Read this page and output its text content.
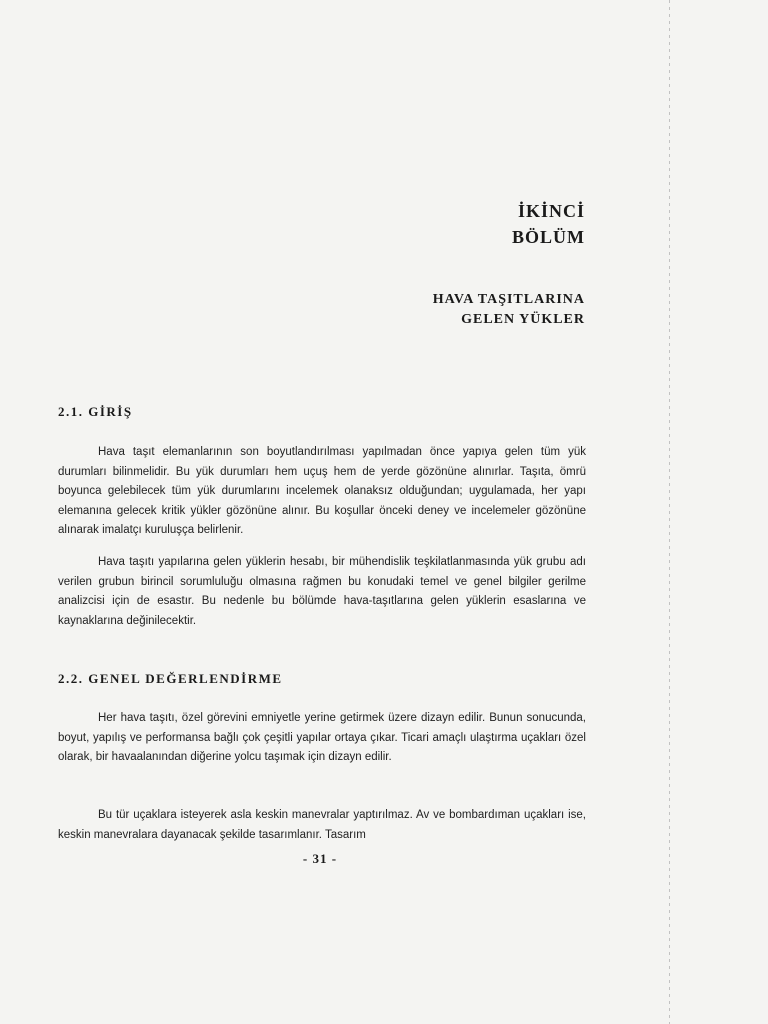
İKİNCİ
BÖLÜM
HAVA TAŞITLARINA
GELEN YÜKLER
2.1. GİRİŞ
Hava taşıt elemanlarının son boyutlandırılması yapılmadan önce yapıya gelen tüm yük durumları bilinmelidir. Bu yük durumları hem uçuş hem de yerde gözönüne alınırlar. Taşıta, ömrü boyunca gelebilecek tüm yük durumlarını incelemek olanaksız olduğundan; uygulamada, her yapı elemanına gelecek kritik yükler gözönüne alınır. Bu koşullar önceki deney ve incelemeler gözönüne alınarak imalatçı kuruluşça belirlenir.
Hava taşıtı yapılarına gelen yüklerin hesabı, bir mühendislik teşkilatlanmasında yük grubu adı verilen grubun birincil sorumluluğu olmasına rağmen bu konudaki temel ve genel bilgiler gerilme analizcisi için de esastır. Bu nedenle bu bölümde hava-taşıtlarına gelen yüklerin esaslarına ve kaynaklarına değinilecektir.
2.2. GENEL DEĞERLENDİRME
Her hava taşıtı, özel görevini emniyetle yerine getirmek üzere dizayn edilir. Bunun sonucunda, boyut, yapılış ve performansa bağlı çok çeşitli yapılar ortaya çıkar. Ticari amaçlı ulaştırma uçakları özel olarak, bir havaalanından diğerine yolcu taşımak için dizayn edilir.
Bu tür uçaklara isteyerek asla keskin manevralar yaptırılmaz. Av ve bombardıman uçakları ise, keskin manevralara dayanacak şekilde tasarımlanır. Tasarım
- 31 -
